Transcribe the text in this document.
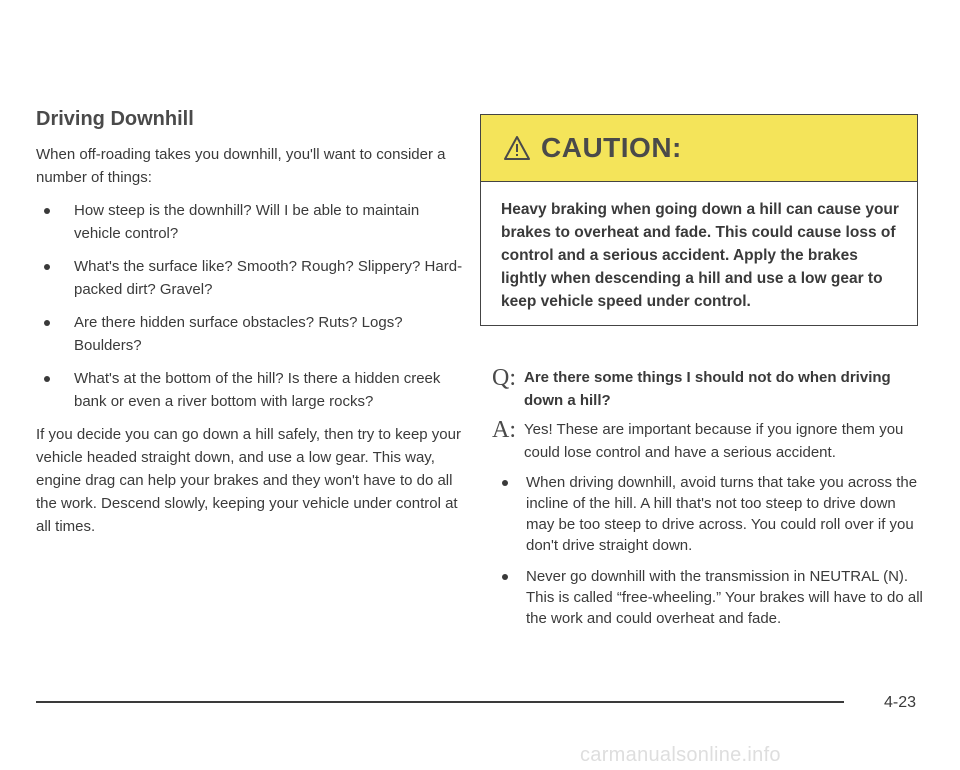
Driving Downhill

When off-roading takes you downhill, you'll want to consider a number of things:

How steep is the downhill? Will I be able to maintain vehicle control?
What's the surface like? Smooth? Rough? Slippery? Hard-packed dirt? Gravel?
Are there hidden surface obstacles? Ruts? Logs? Boulders?
What's at the bottom of the hill? Is there a hidden creek bank or even a river bottom with large rocks?

If you decide you can go down a hill safely, then try to keep your vehicle headed straight down, and use a low gear. This way, engine drag can help your brakes and they won't have to do all the work. Descend slowly, keeping your vehicle under control at all times.

CAUTION:
Heavy braking when going down a hill can cause your brakes to overheat and fade. This could cause loss of control and a serious accident. Apply the brakes lightly when descending a hill and use a low gear to keep vehicle speed under control.
Q: Are there some things I should not do when driving down a hill?
A: Yes! These are important because if you ignore them you could lose control and have a serious accident.
When driving downhill, avoid turns that take you across the incline of the hill. A hill that's not too steep to drive down may be too steep to drive across. You could roll over if you don't drive straight down.
Never go downhill with the transmission in NEUTRAL (N). This is called “free-wheeling.” Your brakes will have to do all the work and could overheat and fade.
4-23
carmanualsonline.info
